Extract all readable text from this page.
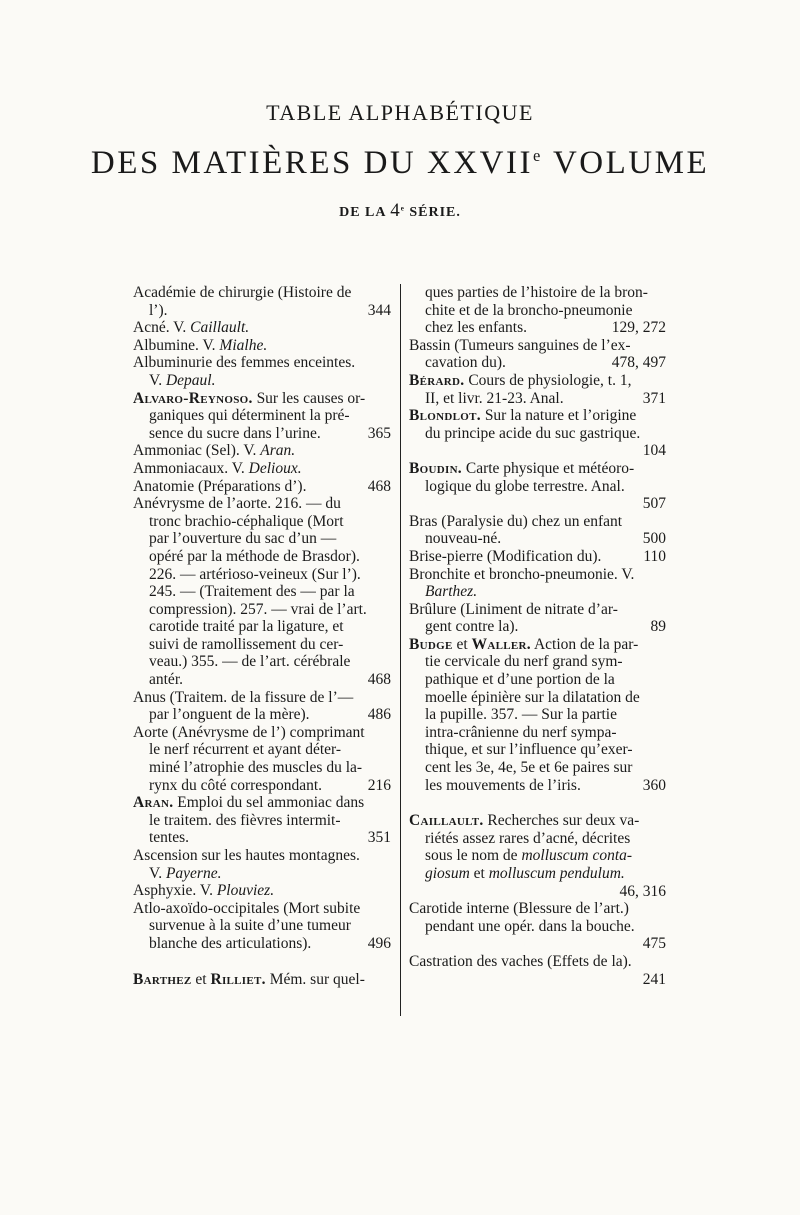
TABLE ALPHABÉTIQUE
DES MATIÈRES DU XXVIIe VOLUME
DE LA 4e SÉRIE.
Académie de chirurgie (Histoire de
344
l’).
Acné. V. Caillault.
Albumine. V. Mialhe.
Albuminurie des femmes enceintes.
V. Depaul.
Alvaro-Reynoso. Sur les causes or-
ganiques qui déterminent la pré-
365
sence du sucre dans l’urine.
Ammoniac (Sel). V. Aran.
Ammoniacaux. V. Delioux.
468
Anatomie (Préparations d’).
Anévrysme de l’aorte. 216. — du
tronc brachio-céphalique (Mort
par l’ouverture du sac d’un —
opéré par la méthode de Brasdor).
226. — artérioso-veineux (Sur l’).
245. — (Traitement des — par la
compression). 257. — vrai de l’art.
carotide traité par la ligature, et
suivi de ramollissement du cer-
veau.) 355. — de l’art. cérébrale
468
antér.
Anus (Traitem. de la fissure de l’—
486
par l’onguent de la mère).
Aorte (Anévrysme de l’) comprimant
le nerf récurrent et ayant déter-
miné l’atrophie des muscles du la-
216
rynx du côté correspondant.
Aran. Emploi du sel ammoniac dans
le traitem. des fièvres intermit-
351
tentes.
Ascension sur les hautes montagnes.
V. Payerne.
Asphyxie. V. Plouviez.
Atlo-axoïdo-occipitales (Mort subite
survenue à la suite d’une tumeur
496
blanche des articulations).
Barthez et Rilliet. Mém. sur quel-
ques parties de l’histoire de la bron-
chite et de la broncho-pneumonie
129, 272
chez les enfants.
Bassin (Tumeurs sanguines de l’ex-
478, 497
cavation du).
Bérard. Cours de physiologie, t. 1,
371
II, et livr. 21-23. Anal.
Blondlot. Sur la nature et l’origine
du principe acide du suc gastrique.
104

Boudin. Carte physique et météoro-
logique du globe terrestre. Anal.
507

Bras (Paralysie du) chez un enfant
500
nouveau-né.
110
Brise-pierre (Modification du).
Bronchite et broncho-pneumonie. V.
Barthez.
Brûlure (Liniment de nitrate d’ar-
89
gent contre la).
Budge et Waller. Action de la par-
tie cervicale du nerf grand sym-
pathique et d’une portion de la
moelle épinière sur la dilatation de
la pupille. 357. — Sur la partie
intra-crânienne du nerf sympa-
thique, et sur l’influence qu’exer-
cent les 3e, 4e, 5e et 6e paires sur
360
les mouvements de l’iris.
Caillault. Recherches sur deux va-
riétés assez rares d’acné, décrites
sous le nom de molluscum conta-
giosum et molluscum pendulum.
46, 316

Carotide interne (Blessure de l’art.)
pendant une opér. dans la bouche.
475

Castration des vaches (Effets de la).
241
